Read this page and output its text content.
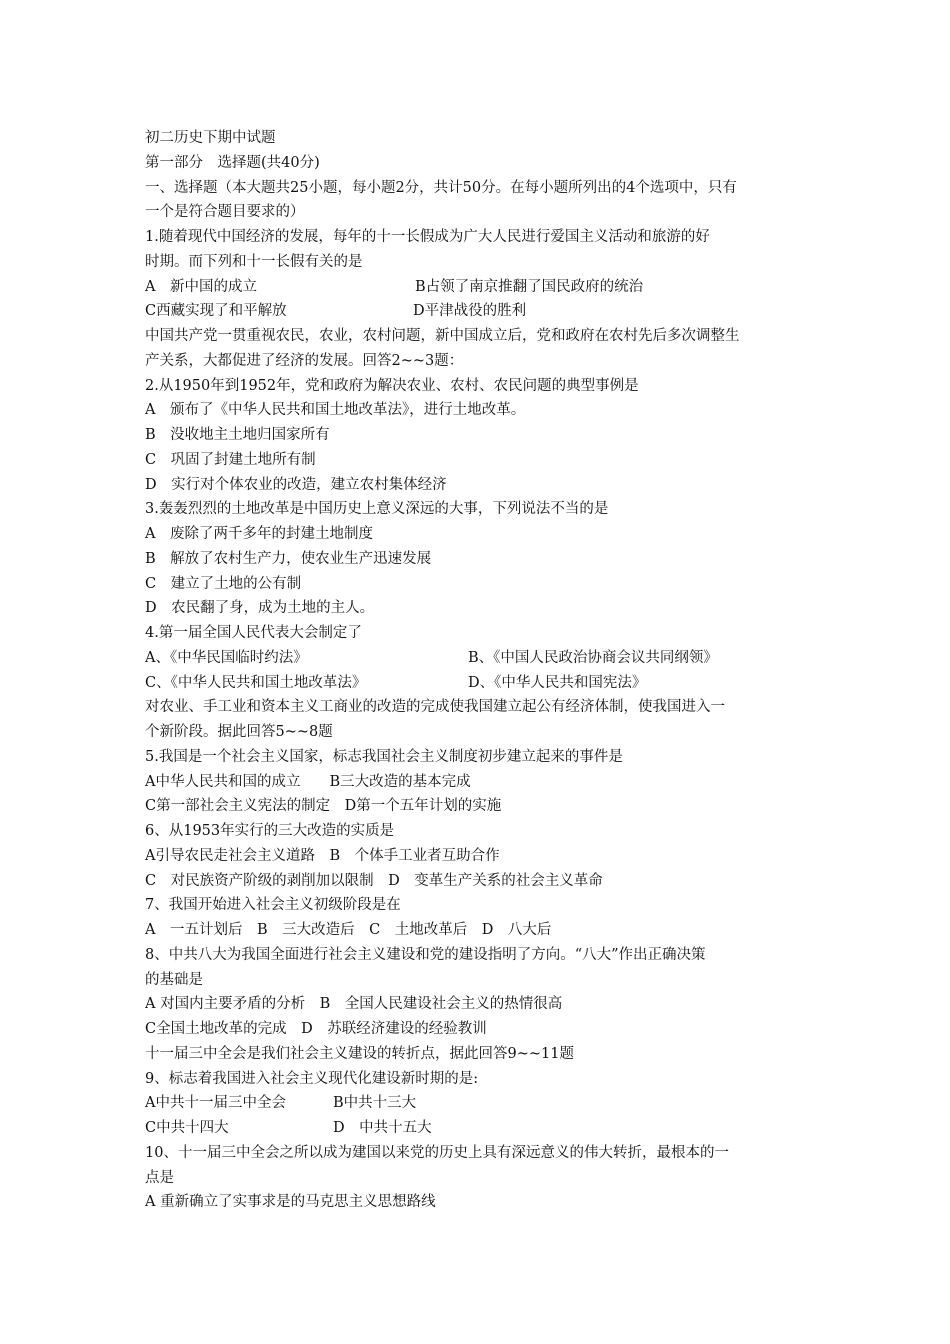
初二历史下期中试题
第一部分　选择题(共40分)
一、选择题（本大题共25小题，每小题2分，共计50分。在每小题所列出的4个选项中，只有
一个是符合题目要求的）
1.随着现代中国经济的发展，每年的十一长假成为广大人民进行爱国主义活动和旅游的好
时期。而下列和十一长假有关的是
A　新中国的成立	B占领了南京推翻了国民政府的统治
C西藏实现了和平解放	D平津战役的胜利
中国共产党一贯重视农民，农业，农村问题，新中国成立后，党和政府在农村先后多次调整生
产关系，大都促进了经济的发展。回答2~~3题：
2.从1950年到1952年，党和政府为解决农业、农村、农民问题的典型事例是
A　颁布了《中华人民共和国土地改革法》，进行土地改革。
B　没收地主土地归国家所有
C　巩固了封建土地所有制
D　实行对个体农业的改造，建立农村集体经济
3.轰轰烈烈的土地改革是中国历史上意义深远的大事，下列说法不当的是
A　废除了两千多年的封建土地制度
B　解放了农村生产力，使农业生产迅速发展
C　建立了土地的公有制
D　农民翻了身，成为土地的主人。
4.第一届全国人民代表大会制定了
A、《中华民国临时约法》	B、《中国人民政治协商会议共同纲领》
C、《中华人民共和国土地改革法》	D、《中华人民共和国宪法》
对农业、手工业和资本主义工商业的改造的完成使我国建立起公有经济体制，使我国进入一
个新阶段。据此回答5~~8题
5.我国是一个社会主义国家，标志我国社会主义制度初步建立起来的事件是
A中华人民共和国的成立　　B三大改造的基本完成
C第一部社会主义宪法的制定　D第一个五年计划的实施
6、从1953年实行的三大改造的实质是
A引导农民走社会主义道路　B　个体手工业者互助合作
C　对民族资产阶级的剥削加以限制　D　变革生产关系的社会主义革命
7、我国开始进入社会主义初级阶段是在
A　一五计划后　B　三大改造后　C　土地改革后　D　八大后
8、中共八大为我国全面进行社会主义建设和党的建设指明了方向。“八大”作出正确决策
的基础是
A 对国内主要矛盾的分析　B　全国人民建设社会主义的热情很高
C全国土地改革的完成　D　苏联经济建设的经验教训
十一届三中全会是我们社会主义建设的转折点，据此回答9~~11题
9、标志着我国进入社会主义现代化建设新时期的是:
A中共十一届三中全会	B中共十三大
C中共十四大	D　中共十五大
10、十一届三中全会之所以成为建国以来党的历史上具有深远意义的伟大转折，最根本的一
点是
A 重新确立了实事求是的马克思主义思想路线
